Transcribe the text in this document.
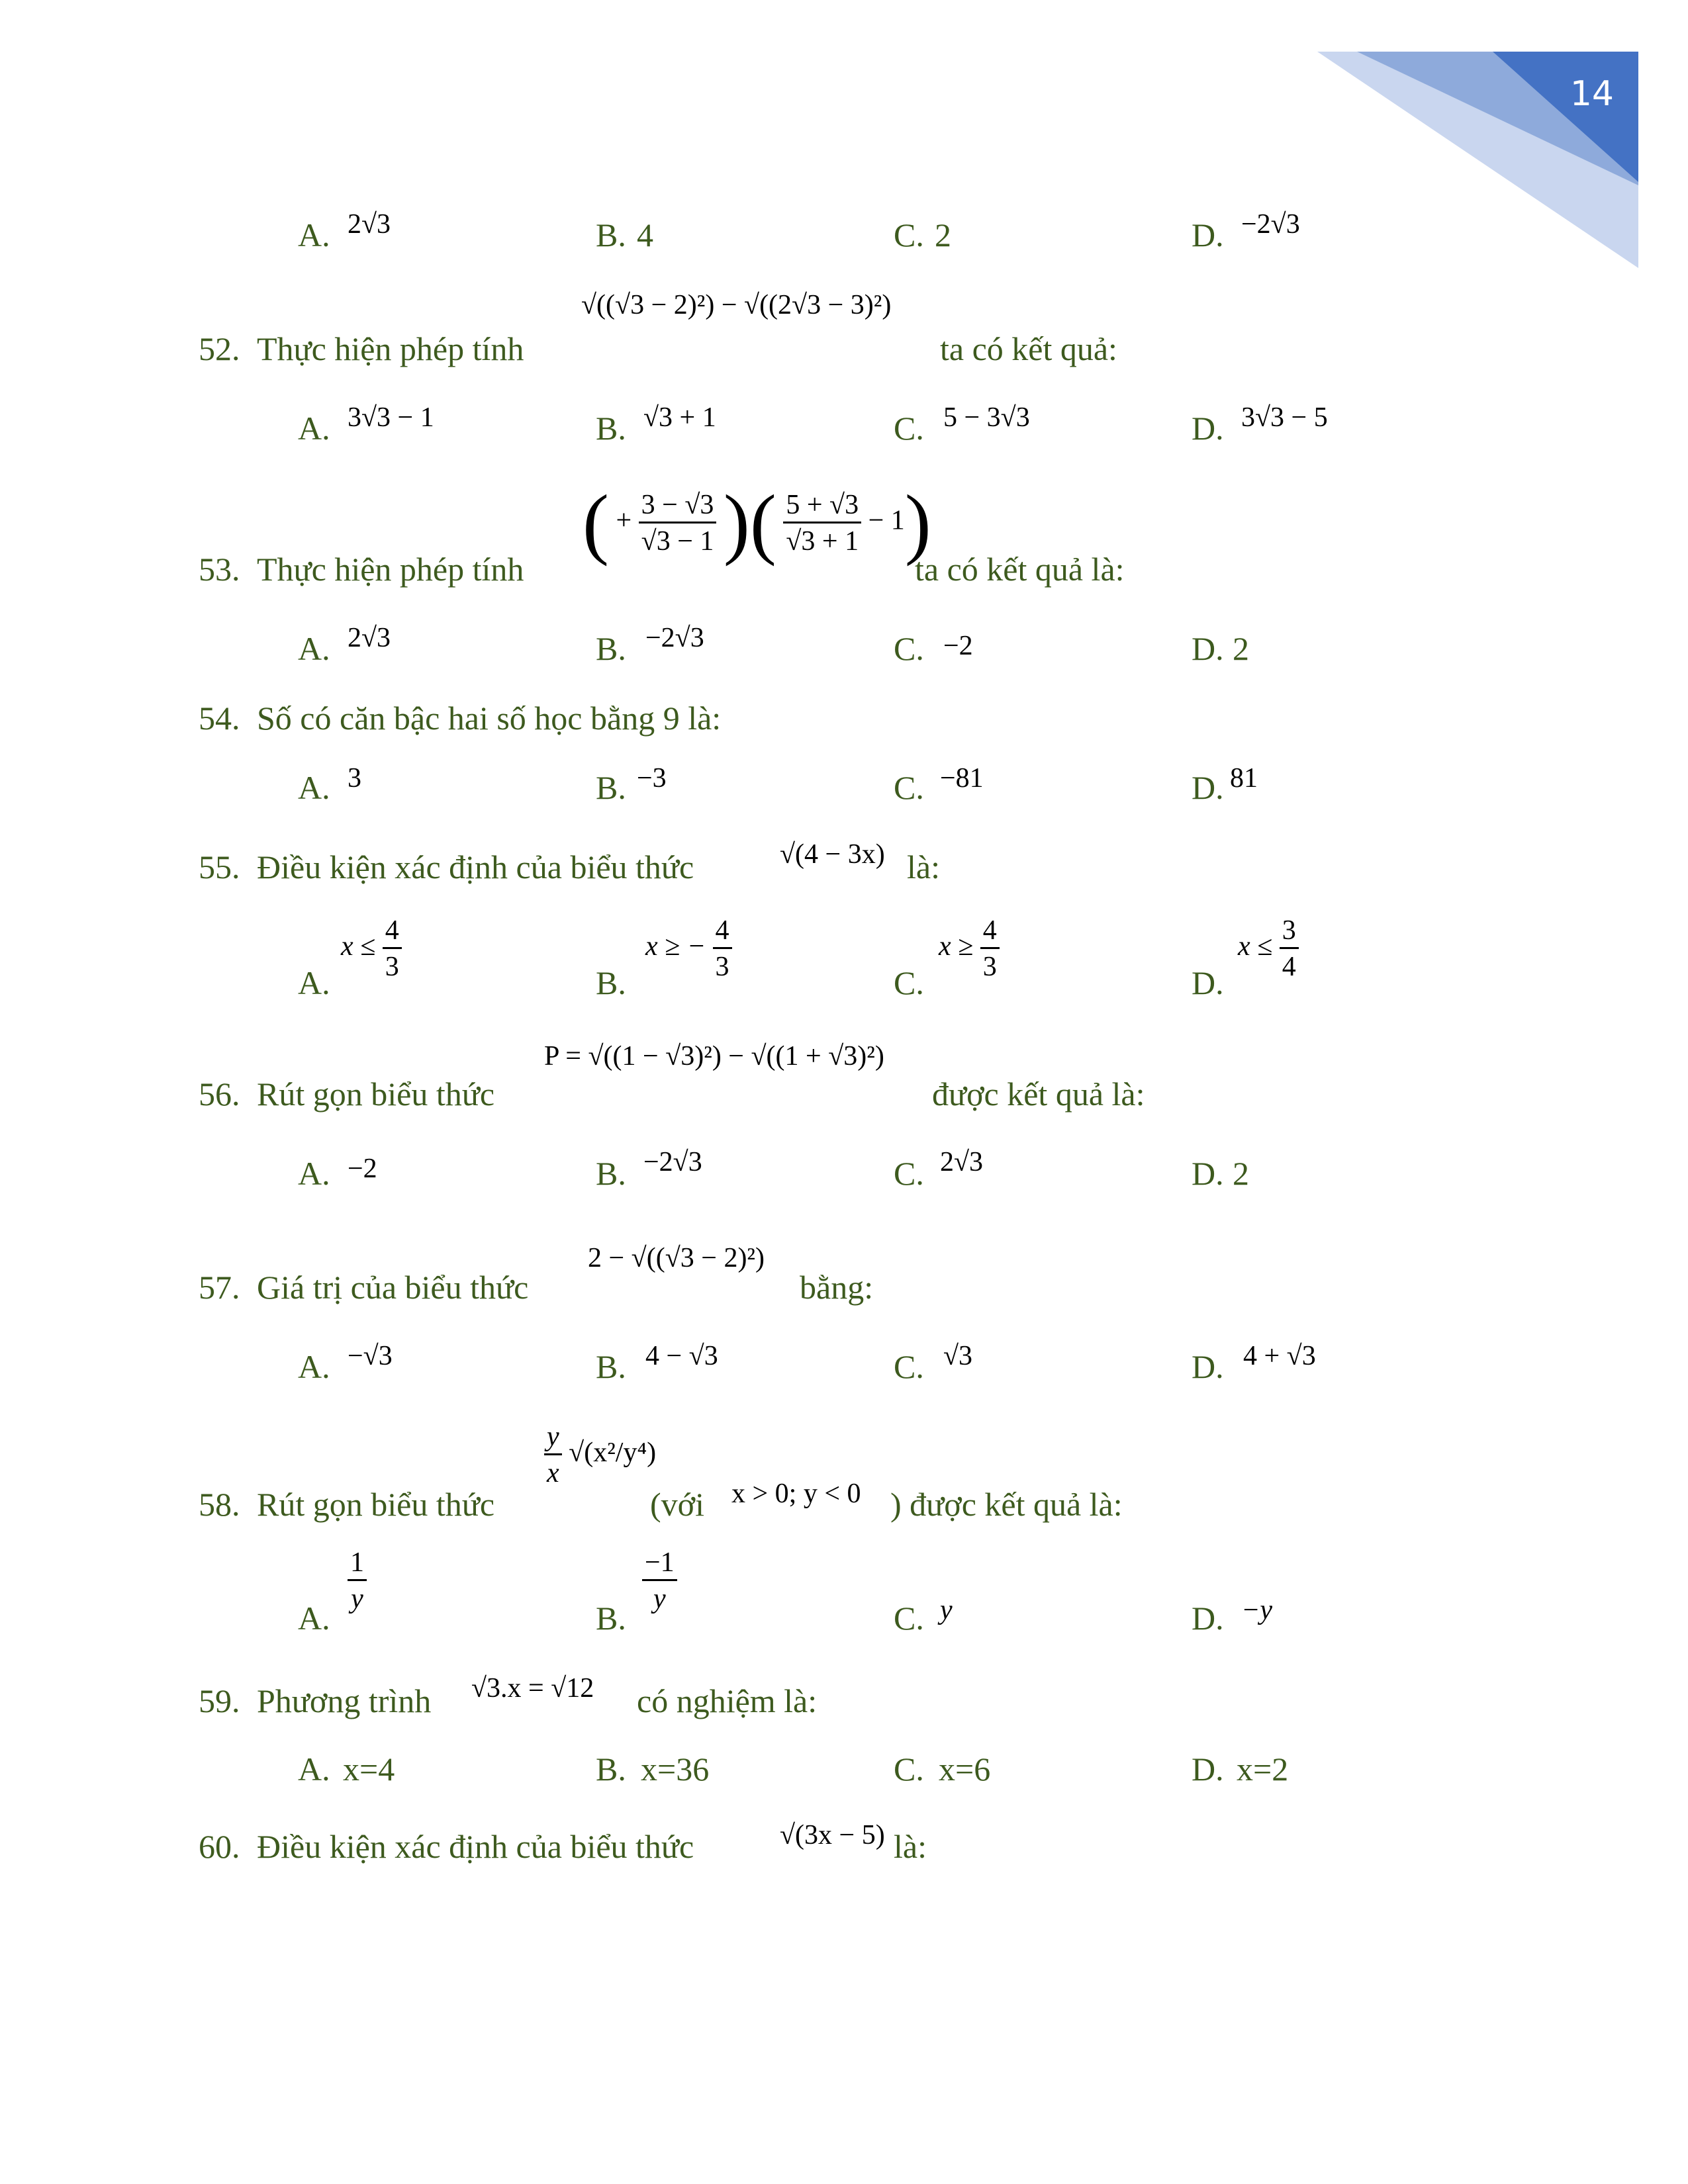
14
A. 2√3	B. 4	C. 2	D. −2√3
52. Thực hiện phép tính
√((√3 − 2)²) − √((2√3 − 3)²)
ta có kết quả:
A. 3√3 − 1	B. √3 + 1	C. 5 − 3√3	D. 3√3 − 5
53. Thực hiện phép tính
( + $\frac{3 - √3}{√3 - 1}$ )( $\frac{5 + √3}{√3 + 1} - 1$)
ta có kết quả là:
A. 2√3	B. −2√3	C. −2	D. 2
54. Số có căn bậc hai số học bằng 9 là:
A. 3	B. −3	C. −81	D. 81
55. Điều kiện xác định của biểu thức	√(4 − 3x) là:
A.
$x \le \frac{4}{3}$
B.
x ≥ − $\frac{4}{3}$
C.
$x \ge \frac{4}{3}$
D.
$x \le \frac{3}{4}$
56. Rút gọn biểu thức
P = √((1 − √3)²) − √((1 + √3)²)
được kết quả là:
A. −2	B. −2√3	C. 2√3	D. 2
57. Giá trị của biểu thức
2 − √((√3 − 2)²)
bằng:
A. −√3	B. 4 − √3	C. √3	D. 4 + √3
58. Rút gọn biểu thức
$\frac{y}{x} √(x^2/y^4)$
(với x > 0; y < 0 ) được kết quả là:
A.
$\frac{1}{y}$
B.
$\frac{-1}{y}$
C. y	D. −y
59. Phương trình √3.x = √12 có nghiệm là:
A. x=4	B. x=36	C. x=6	D. x=2
60. Điều kiện xác định của biểu thức	√(3x − 5) là:
